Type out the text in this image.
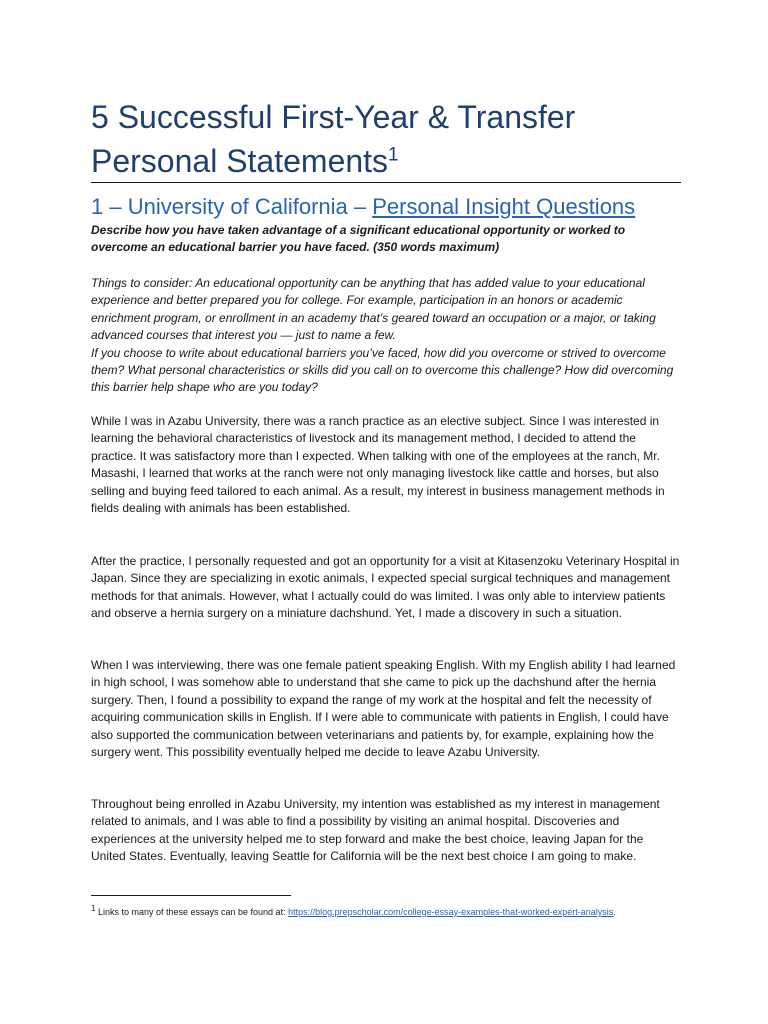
5 Successful First-Year & Transfer
Personal Statements$^1$
1 – University of California – Personal Insight Questions

Describe how you have taken advantage of a significant educational opportunity or worked to overcome an educational barrier you have faced. (350 words maximum)

Things to consider: An educational opportunity can be anything that has added value to your educational experience and better prepared you for college. For example, participation in an honors or academic enrichment program, or enrollment in an academy that’s geared toward an occupation or a major, or taking advanced courses that interest you — just to name a few.
If you choose to write about educational barriers you’ve faced, how did you overcome or strived to overcome them? What personal characteristics or skills did you call on to overcome this challenge? How did overcoming this barrier help shape who are you today?

While I was in Azabu University, there was a ranch practice as an elective subject. Since I was interested in learning the behavioral characteristics of livestock and its management method, I decided to attend the practice. It was satisfactory more than I expected. When talking with one of the employees at the ranch, Mr. Masashi, I learned that works at the ranch were not only managing livestock like cattle and horses, but also selling and buying feed tailored to each animal. As a result, my interest in business management methods in fields dealing with animals has been established.

After the practice, I personally requested and got an opportunity for a visit at Kitasenzoku Veterinary Hospital in Japan. Since they are specializing in exotic animals, I expected special surgical techniques and management methods for that animals. However, what I actually could do was limited. I was only able to interview patients and observe a hernia surgery on a miniature dachshund. Yet, I made a discovery in such a situation.

When I was interviewing, there was one female patient speaking English. With my English ability I had learned in high school, I was somehow able to understand that she came to pick up the dachshund after the hernia surgery. Then, I found a possibility to expand the range of my work at the hospital and felt the necessity of acquiring communication skills in English. If I were able to communicate with patients in English, I could have also supported the communication between veterinarians and patients by, for example, explaining how the surgery went. This possibility eventually helped me decide to leave Azabu University.

Throughout being enrolled in Azabu University, my intention was established as my interest in management related to animals, and I was able to find a possibility by visiting an animal hospital. Discoveries and experiences at the university helped me to step forward and make the best choice, leaving Japan for the United States. Eventually, leaving Seattle for California will be the next best choice I am going to make.

$^1$ Links to many of these essays can be found at: https://blog.prepscholar.com/college-essay-examples-that-worked-expert-analysis.
